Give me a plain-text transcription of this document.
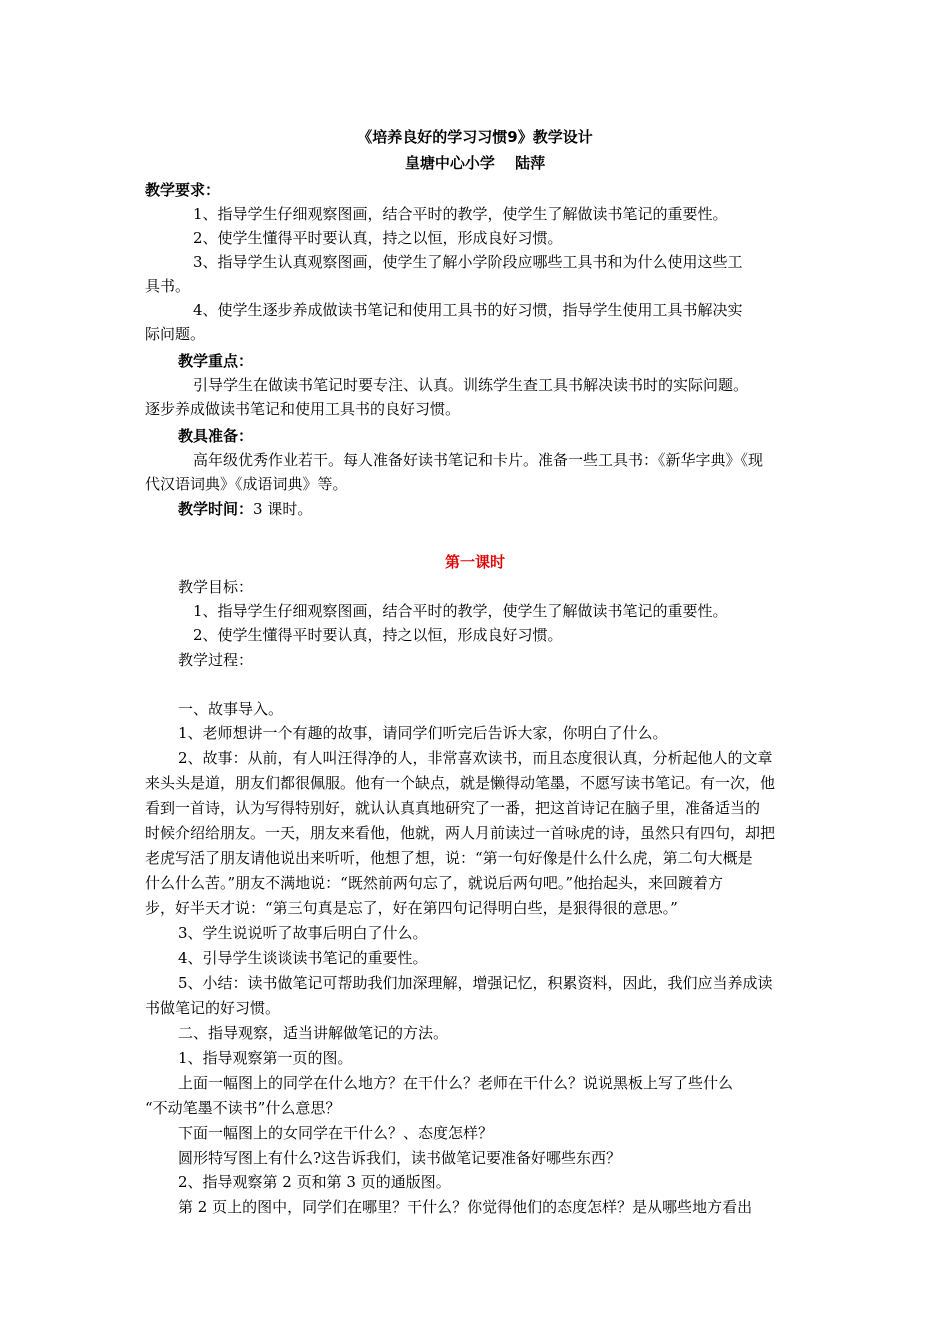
《培养良好的学习习惯9》教学设计
皇塘中心小学　 陆萍
教学要求：
1、指导学生仔细观察图画，结合平时的教学，使学生了解做读书笔记的重要性。
2、使学生懂得平时要认真，持之以恒，形成良好习惯。
3、指导学生认真观察图画，使学生了解小学阶段应哪些工具书和为什么使用这些工
具书。
4、使学生逐步养成做读书笔记和使用工具书的好习惯，指导学生使用工具书解决实
际问题。
教学重点：
引导学生在做读书笔记时要专注、认真。训练学生查工具书解决读书时的实际问题。
逐步养成做读书笔记和使用工具书的良好习惯。
教具准备：
高年级优秀作业若干。每人准备好读书笔记和卡片。准备一些工具书：《新华字典》《现
代汉语词典》《成语词典》等。
教学时间：3 课时。
第一课时
教学目标：
1、指导学生仔细观察图画，结合平时的教学，使学生了解做读书笔记的重要性。
2、使学生懂得平时要认真，持之以恒，形成良好习惯。
教学过程：
一、故事导入。
1、老师想讲一个有趣的故事，请同学们听完后告诉大家，你明白了什么。
2、故事：从前，有人叫汪得净的人，非常喜欢读书，而且态度很认真，分析起他人的文章
来头头是道，朋友们都很佩服。他有一个缺点，就是懒得动笔墨，不愿写读书笔记。有一次，他
看到一首诗，认为写得特别好，就认认真真地研究了一番，把这首诗记在脑子里，准备适当的
时候介绍给朋友。一天，朋友来看他，他就，两人月前读过一首咏虎的诗，虽然只有四句，却把
老虎写活了朋友请他说出来听听，他想了想，说：“第一句好像是什么什么虎，第二句大概是
什么什么苦。”朋友不满地说：“既然前两句忘了，就说后两句吧。”他抬起头，来回踱着方
步，好半天才说：“第三句真是忘了，好在第四句记得明白些，是狠得很的意思。”
3、学生说说听了故事后明白了什么。
4、引导学生谈谈读书笔记的重要性。
5、小结：读书做笔记可帮助我们加深理解，增强记忆，积累资料，因此，我们应当养成读
书做笔记的好习惯。
二、指导观察，适当讲解做笔记的方法。
1、指导观察第一页的图。
上面一幅图上的同学在什么地方？在干什么？老师在干什么？说说黑板上写了些什么
“不动笔墨不读书”什么意思？
下面一幅图上的女同学在干什么？、态度怎样？
圆形特写图上有什么?这告诉我们，读书做笔记要准备好哪些东西？
2、指导观察第 2 页和第 3 页的通版图。
第 2 页上的图中，同学们在哪里？干什么？你觉得他们的态度怎样？是从哪些地方看出
